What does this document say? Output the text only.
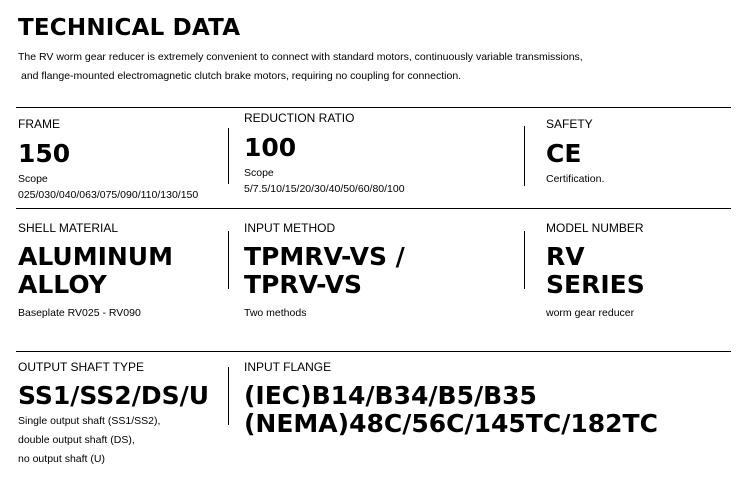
TECHNICAL DATA
The RV worm gear reducer is extremely convenient to connect with standard motors, continuously variable transmissions,
and flange-mounted electromagnetic clutch brake motors, requiring no coupling for connection.
FRAME
150
Scope
025/030/040/063/075/090/110/130/150
REDUCTION RATIO
100
Scope
5/7.5/10/15/20/30/40/50/60/80/100
SAFETY
CE
Certification.
SHELL MATERIAL
ALUMINUM
ALLOY
Baseplate RV025 - RV090
INPUT METHOD
TPMRV-VS /
TPRV-VS
Two methods
MODEL NUMBER
RV
SERIES
worm gear reducer
OUTPUT SHAFT TYPE
SS1/SS2/DS/U
Single output shaft (SS1/SS2),
double output shaft (DS),
no output shaft (U)
INPUT FLANGE
(IEC)B14/B34/B5/B35
(NEMA)48C/56C/145TC/182TC
